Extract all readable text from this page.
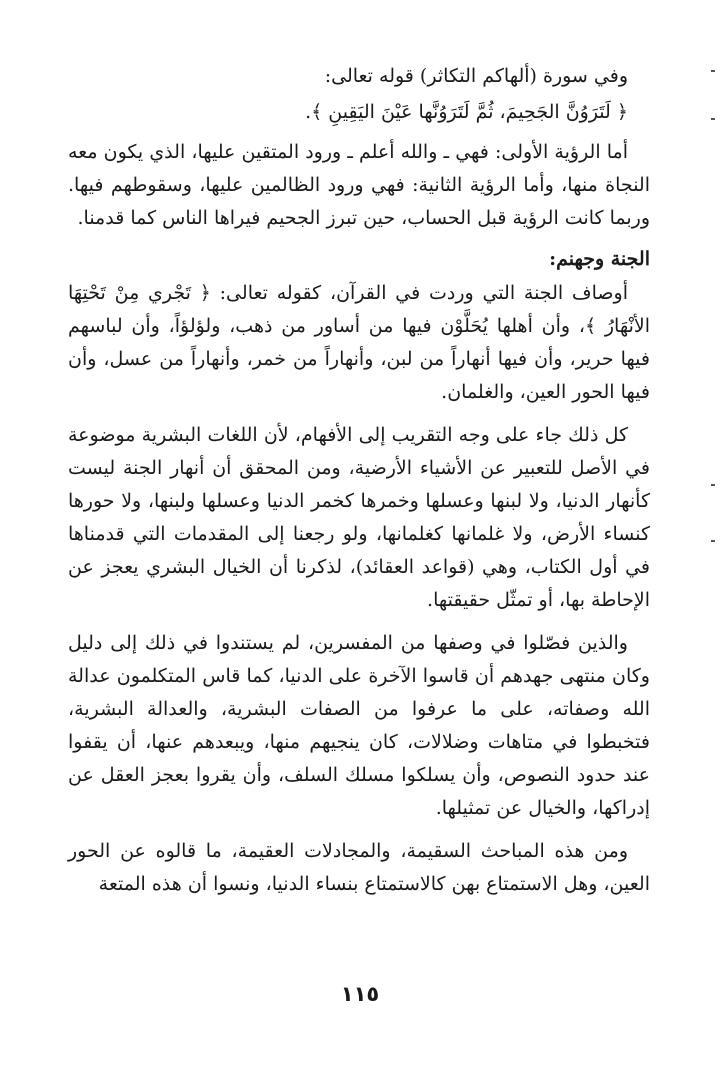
وفي سورة (ألهاكم التكاثر) قوله تعالى:

﴿ لَتَرَوُنَّ الجَحِيمَ، ثُمَّ لَتَرَوُنَّها عَيْنَ اليَقِينِ ﴾.

أما الرؤية الأولى: فهي ـ والله أعلم ـ ورود المتقين عليها، الذي يكون معه النجاة منها، وأما الرؤية الثانية: فهي ورود الظالمين عليها، وسقوطهم فيها. وربما كانت الرؤية قبل الحساب، حين تبرز الجحيم فيراها الناس كما قدمنا.

الجنة وجهنم:

أوصاف الجنة التي وردت في القرآن، كقوله تعالى: ﴿ تَجْري مِنْ تَحْتِهَا الأنْهَارُ ﴾، وأن أهلها يُحَلَّوْن فيها من أساور من ذهب، ولؤلؤاً، وأن لباسهم فيها حرير، وأن فيها أنهاراً من لبن، وأنهاراً من خمر، وأنهاراً من عسل، وأن فيها الحور العين، والغلمان.

كل ذلك جاء على وجه التقريب إلى الأفهام، لأن اللغات البشرية موضوعة في الأصل للتعبير عن الأشياء الأرضية، ومن المحقق أن أنهار الجنة ليست كأنهار الدنيا، ولا لبنها وعسلها وخمرها كخمر الدنيا وعسلها ولبنها، ولا حورها كنساء الأرض، ولا غلمانها كغلمانها، ولو رجعنا إلى المقدمات التي قدمناها في أول الكتاب، وهي (قواعد العقائد)، لذكرنا أن الخيال البشري يعجز عن الإحاطة بها، أو تمثّل حقيقتها.

والذين فصّلوا في وصفها من المفسرين، لم يستندوا في ذلك إلى دليل وكان منتهى جهدهم أن قاسوا الآخرة على الدنيا، كما قاس المتكلمون عدالة الله وصفاته، على ما عرفوا من الصفات البشرية، والعدالة البشرية، فتخبطوا في متاهات وضلالات، كان ينجيهم منها، ويبعدهم عنها، أن يقفوا عند حدود النصوص، وأن يسلكوا مسلك السلف، وأن يقروا بعجز العقل عن إدراكها، والخيال عن تمثيلها.

ومن هذه المباحث السقيمة، والمجادلات العقيمة، ما قالوه عن الحور العين، وهل الاستمتاع بهن كالاستمتاع بنساء الدنيا، ونسوا أن هذه المتعة

١١٥
